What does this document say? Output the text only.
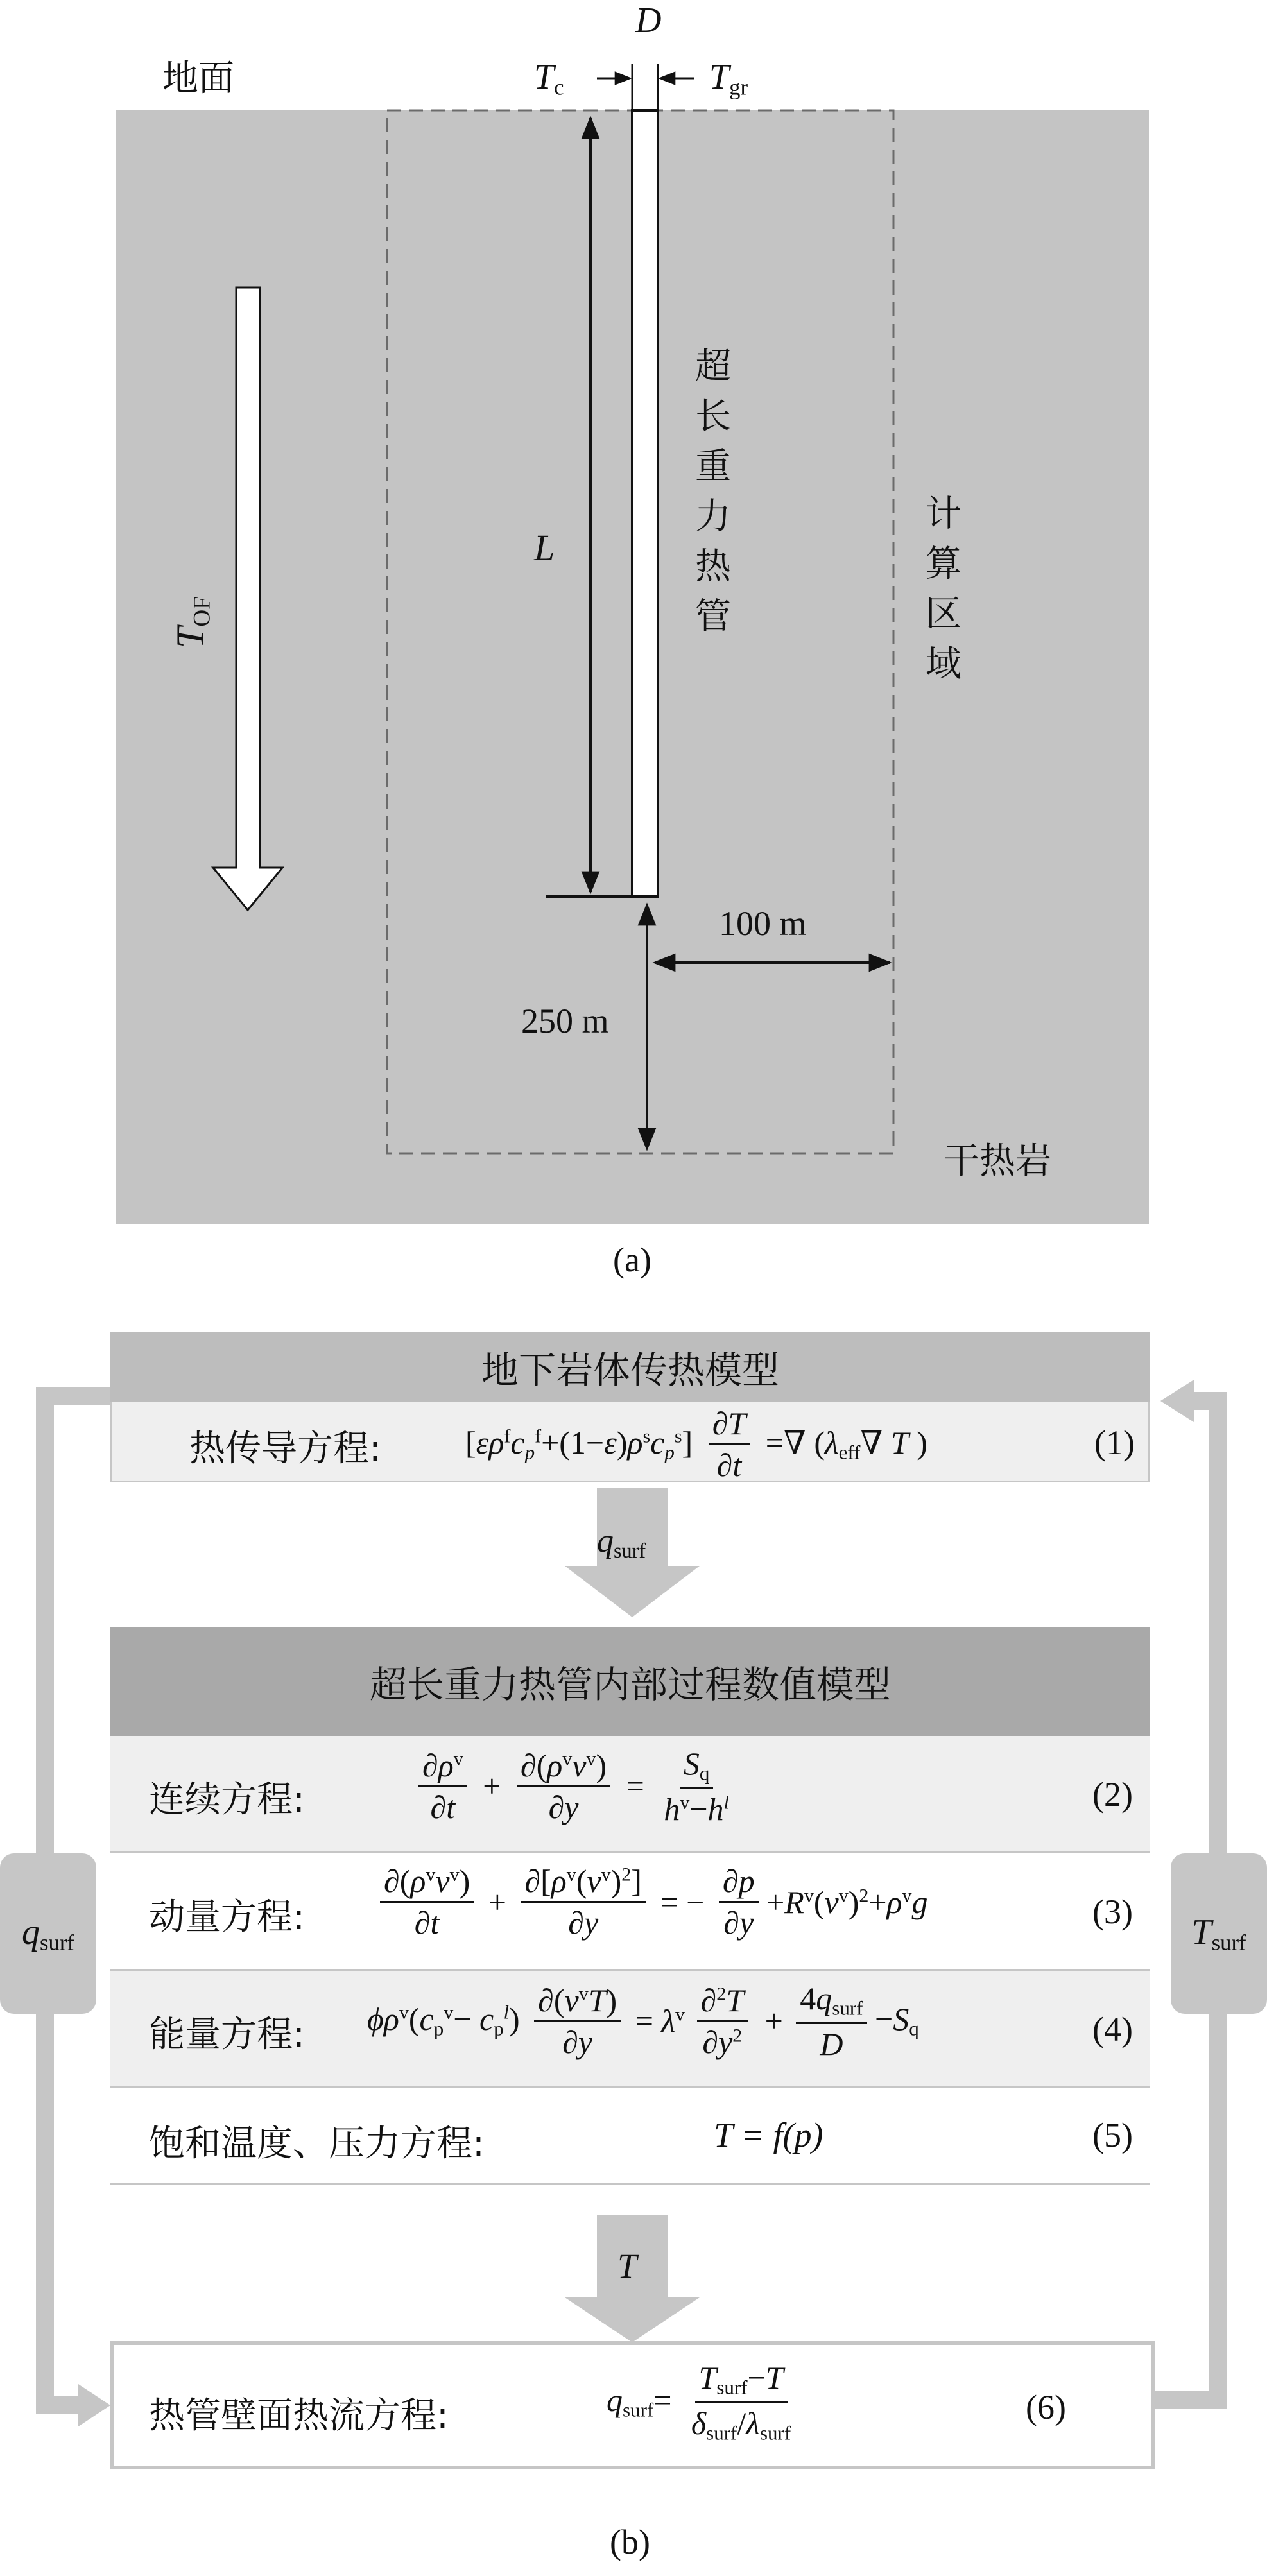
地面
D
$T_c$	$T_{gr}$
L
$T_{OF}$	超长重力热管	计算区域
100 m
250 m
干热岩
(a)
$q_{surf}$	$T_{surf}$
地下岩体传热模型
热传导方程:	$[\varepsilon\rho^fc_p^f+(1-\varepsilon)\rho^sc_p^s] \frac{\partial T}{\partial t}$ =∇ ($\lambda_{eff}\nabla$ T )	(1)
$q_{surf}$
超长重力热管内部过程数值模型
连续方程:	$\frac{\partial\rho^v}{\partial t} + \frac{\partial(\rho^vv^v)}{\partial y} = \frac{S_q}{h^v-h^l}$	(2)
动量方程: $\frac{\partial(\rho^vv^v)}{\partial t} + \frac{\partial[\rho^v(v^v)^2]}{\partial y}$ = − $\frac{\partial p}{\partial y} +R^v(v^v)^2+\rho^vg$	(3)
能量方程: $\phi\rho^v(c_p^v- c_p^l) \frac{\partial(v^vT)}{\partial y} = \lambda^v \frac{\partial^2T}{\partial y^2} + \frac{4q_{surf}}{D} -S_q$	(4)
饱和温度、压力方程:	T = f(p)	(5)
T
热管壁面热流方程:	$q_{surf}= \frac{T_{surf}-T}{\delta_{surf}/\lambda_{surf}}$	(6)
(b)
